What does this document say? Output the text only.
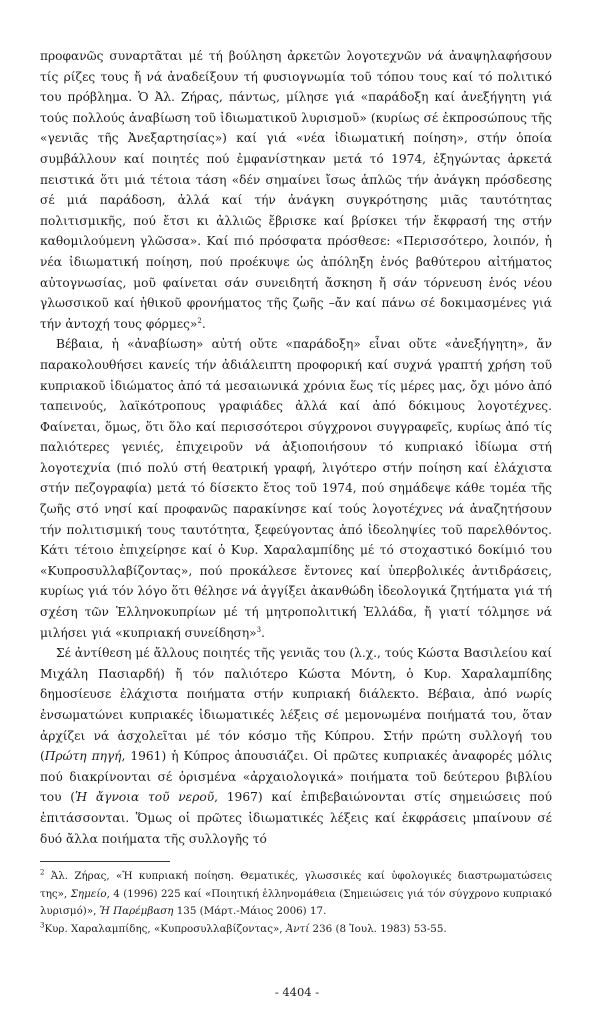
προφανῶς συναρτᾶται μέ τή βούληση ἀρκετῶν λογοτεχνῶν νά ἀναψηλαφήσουν τίς ρίζες τους ἤ νά ἀναδείξουν τή φυσιογνωμία τοῦ τόπου τους καί τό πολιτικό του πρόβλημα. Ὁ Ἀλ. Ζήρας, πάντως, μίλησε γιά «παράδοξη καί ἀνεξήγητη γιά τούς πολλούς ἀναβίωση τοῦ ἰδιωματικοῦ λυρισμοῦ» (κυρίως σέ ἐκπροσώπους τῆς «γενιᾶς τῆς Ἀνεξαρτησίας») καί γιά «νέα ἰδιωματική ποίηση», στήν ὁποία συμβάλλουν καί ποιητές πού ἐμφανίστηκαν μετά τό 1974, ἐξηγώντας ἀρκετά πειστικά ὅτι μιά τέτοια τάση «δέν σημαίνει ἴσως ἁπλῶς τήν ἀνάγκη πρόσδεσης σέ μιά παράδοση, ἀλλά καί τήν ἀνάγκη συγκρότησης μιᾶς ταυτότητας πολιτισμικῆς, πού ἔτσι κι ἀλλιῶς ἔβρισκε καί βρίσκει τήν ἔκφρασή της στήν καθομιλούμενη γλῶσσα». Καί πιό πρόσφατα πρόσθεσε: «Περισσότερο, λοιπόν, ἡ νέα ἰδιωματική ποίηση, πού προέκυψε ὡς ἀπόληξη ἑνός βαθύτερου αἰτήματος αὐτογνωσίας, μοῦ φαίνεται σάν συνειδητή ἄσκηση ἤ σάν τόρνευση ἑνός νέου γλωσσικοῦ καί ἠθικοῦ φρονήματος τῆς ζωῆς –ἄν καί πάνω σέ δοκιμασμένες γιά τήν ἀντοχή τους φόρμες»$^2$.

Βέβαια, ἡ «ἀναβίωση» αὐτή οὔτε «παράδοξη» εἶναι οὔτε «ἀνεξήγητη», ἄν παρακολουθήσει κανείς τήν ἀδιάλειπτη προφορική καί συχνά γραπτή χρήση τοῦ κυπριακοῦ ἰδιώματος ἀπό τά μεσαιωνικά χρόνια ἕως τίς μέρες μας, ὄχι μόνο ἀπό ταπεινούς, λαϊκότροπους γραφιάδες ἀλλά καί ἀπό δόκιμους λογοτέχνες. Φαίνεται, ὅμως, ὅτι ὅλο καί περισσότεροι σύγχρονοι συγγραφεῖς, κυρίως ἀπό τίς παλιότερες γενιές, ἐπιχειροῦν νά ἀξιοποιήσουν τό κυπριακό ἰδίωμα στή λογοτεχνία (πιό πολύ στή θεατρική γραφή, λιγότερο στήν ποίηση καί ἐλάχιστα στήν πεζογραφία) μετά τό δίσεκτο ἔτος τοῦ 1974, πού σημάδεψε κάθε τομέα τῆς ζωῆς στό νησί καί προφανῶς παρακίνησε καί τούς λογοτέχνες νά ἀναζητήσουν τήν πολιτισμική τους ταυτότητα, ξεφεύγοντας ἀπό ἰδεοληψίες τοῦ παρελθόντος. Κάτι τέτοιο ἐπιχείρησε καί ὁ Κυρ. Χαραλαμπίδης μέ τό στοχαστικό δοκίμιό του «Κυπροσυλλαβίζοντας», πού προκάλεσε ἔντονες καί ὑπερβολικές ἀντιδράσεις, κυρίως γιά τόν λόγο ὅτι θέλησε νά ἀγγίξει ἀκανθώδη ἰδεολογικά ζητήματα γιά τή σχέση τῶν Ἑλληνοκυπρίων μέ τή μητροπολιτική Ἑλλάδα, ἤ γιατί τόλμησε νά μιλήσει γιά «κυπριακή συνείδηση»$^3$.

Σέ ἀντίθεση μέ ἄλλους ποιητές τῆς γενιᾶς του (λ.χ., τούς Κώστα Βασιλείου καί Μιχάλη Πασιαρδή) ἤ τόν παλιότερο Κώστα Μόντη, ὁ Κυρ. Χαραλαμπίδης δημοσίευσε ἐλάχιστα ποιήματα στήν κυπριακή διάλεκτο. Βέβαια, ἀπό νωρίς ἐνσωματώνει κυπριακές ἰδιωματικές λέξεις σέ μεμονωμένα ποιήματά του, ὅταν ἀρχίζει νά ἀσχολεῖται μέ τόν κόσμο τῆς Κύπρου. Στήν πρώτη συλλογή του (Πρώτη πηγή, 1961) ἡ Κύπρος ἀπουσιάζει. Οἱ πρῶτες κυπριακές ἀναφορές μόλις πού διακρίνονται σέ ὁρισμένα «ἀρχαιολογικά» ποιήματα τοῦ δεύτερου βιβλίου του (Ἡ ἄγνοια τοῦ νεροῦ, 1967) καί ἐπιβεβαιώνονται στίς σημειώσεις πού ἐπιτάσσονται. Ὅμως οἱ πρῶτες ἰδιωματικές λέξεις καί ἐκφράσεις μπαίνουν σέ δυό ἄλλα ποιήματα τῆς συλλογῆς τό

$^2$ Ἀλ. Ζήρας, «Ἡ κυπριακή ποίηση. Θεματικές, γλωσσικές καί ὑφολογικές διαστρωματώσεις της», Σημείο, 4 (1996) 225 καί «Ποιητική ἑλληνομάθεια (Σημειώσεις γιά τόν σύγχρονο κυπριακό λυρισμό)», Ἡ Παρέμβαση 135 (Μάρτ.-Μάιος 2006) 17.

$^3$Κυρ. Χαραλαμπίδης, «Κυπροσυλλαβίζοντας», Ἀντί 236 (8 Ἰουλ. 1983) 53-55.

- 4404 -
